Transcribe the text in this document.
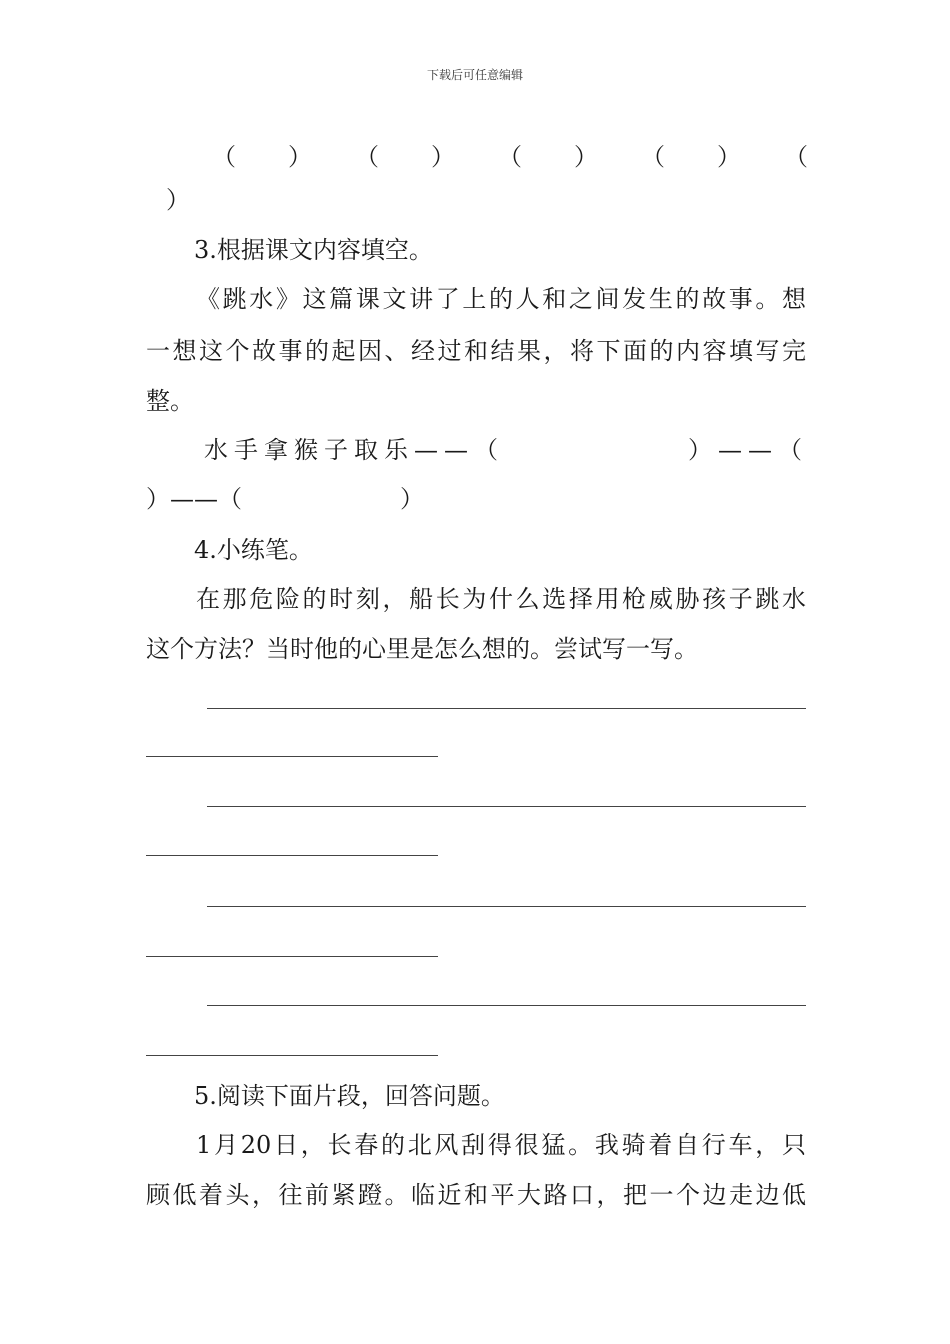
下载后可任意编辑
（ ） （ ） （ ） （ ） （
）
3.根据课文内容填空。
《跳水》这篇课文讲了上的人和之间发生的故事。想
一想这个故事的起因、经过和结果，将下面的内容填写完
整。
水手拿猴子取乐——（	）——（
）——（	）
4.小练笔。
在那危险的时刻，船长为什么选择用枪威胁孩子跳水
这个方法？当时他的心里是怎么想的。尝试写一写。
5.阅读下面片段，回答问题。
1月20日，长春的北风刮得很猛。我骑着自行车，只
顾低着头，往前紧蹬。临近和平大路口，把一个边走边低
